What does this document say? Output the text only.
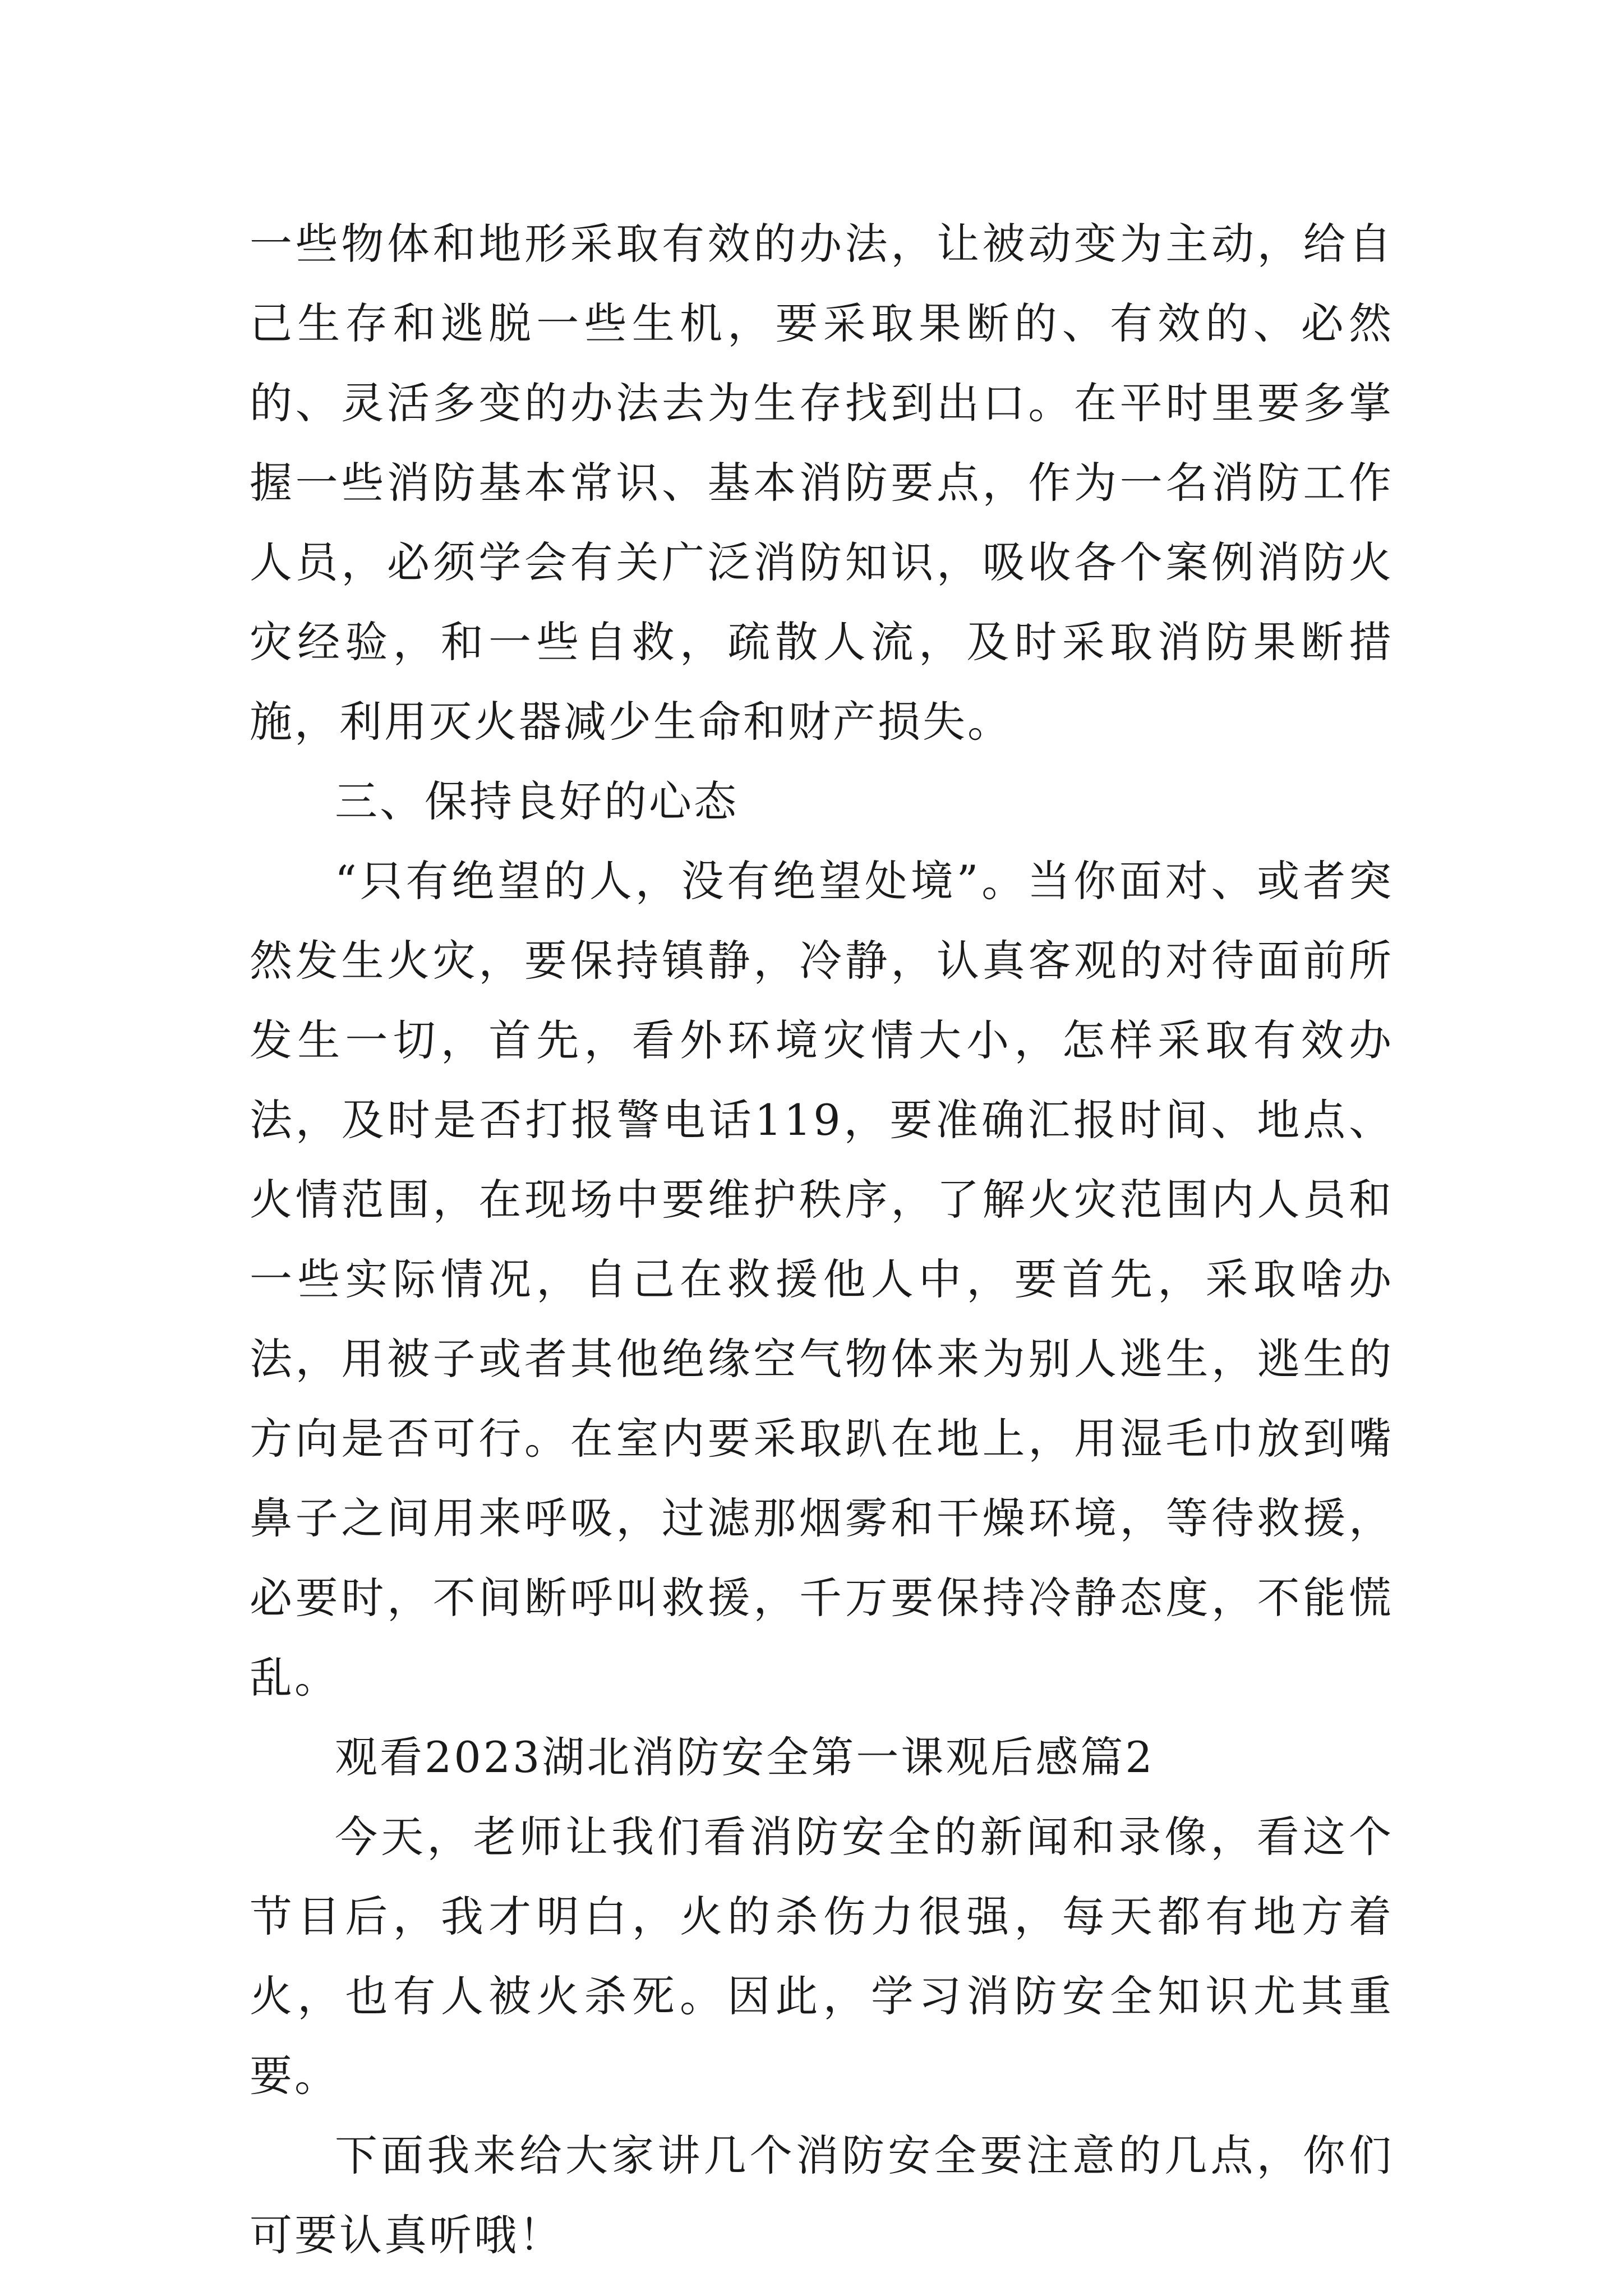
一些物体和地形采取有效的办法，让被动变为主动，给自己生存和逃脱一些生机，要采取果断的、有效的、必然的、灵活多变的办法去为生存找到出口。在平时里要多掌握一些消防基本常识、基本消防要点，作为一名消防工作人员，必须学会有关广泛消防知识，吸收各个案例消防火灾经验，和一些自救，疏散人流，及时采取消防果断措施，利用灭火器减少生命和财产损失。

三、保持良好的心态

“只有绝望的人，没有绝望处境”。当你面对、或者突然发生火灾，要保持镇静，冷静，认真客观的对待面前所发生一切，首先，看外环境灾情大小，怎样采取有效办法，及时是否打报警电话119，要准确汇报时间、地点、火情范围，在现场中要维护秩序，了解火灾范围内人员和一些实际情况，自己在救援他人中，要首先，采取啥办法，用被子或者其他绝缘空气物体来为别人逃生，逃生的方向是否可行。在室内要采取趴在地上，用湿毛巾放到嘴鼻子之间用来呼吸，过滤那烟雾和干燥环境，等待救援，必要时，不间断呼叫救援，千万要保持冷静态度，不能慌乱。

观看2023湖北消防安全第一课观后感篇2

今天，老师让我们看消防安全的新闻和录像，看这个节目后，我才明白，火的杀伤力很强，每天都有地方着火，也有人被火杀死。因此，学习消防安全知识尤其重要。

下面我来给大家讲几个消防安全要注意的几点，你们可要认真听哦！
